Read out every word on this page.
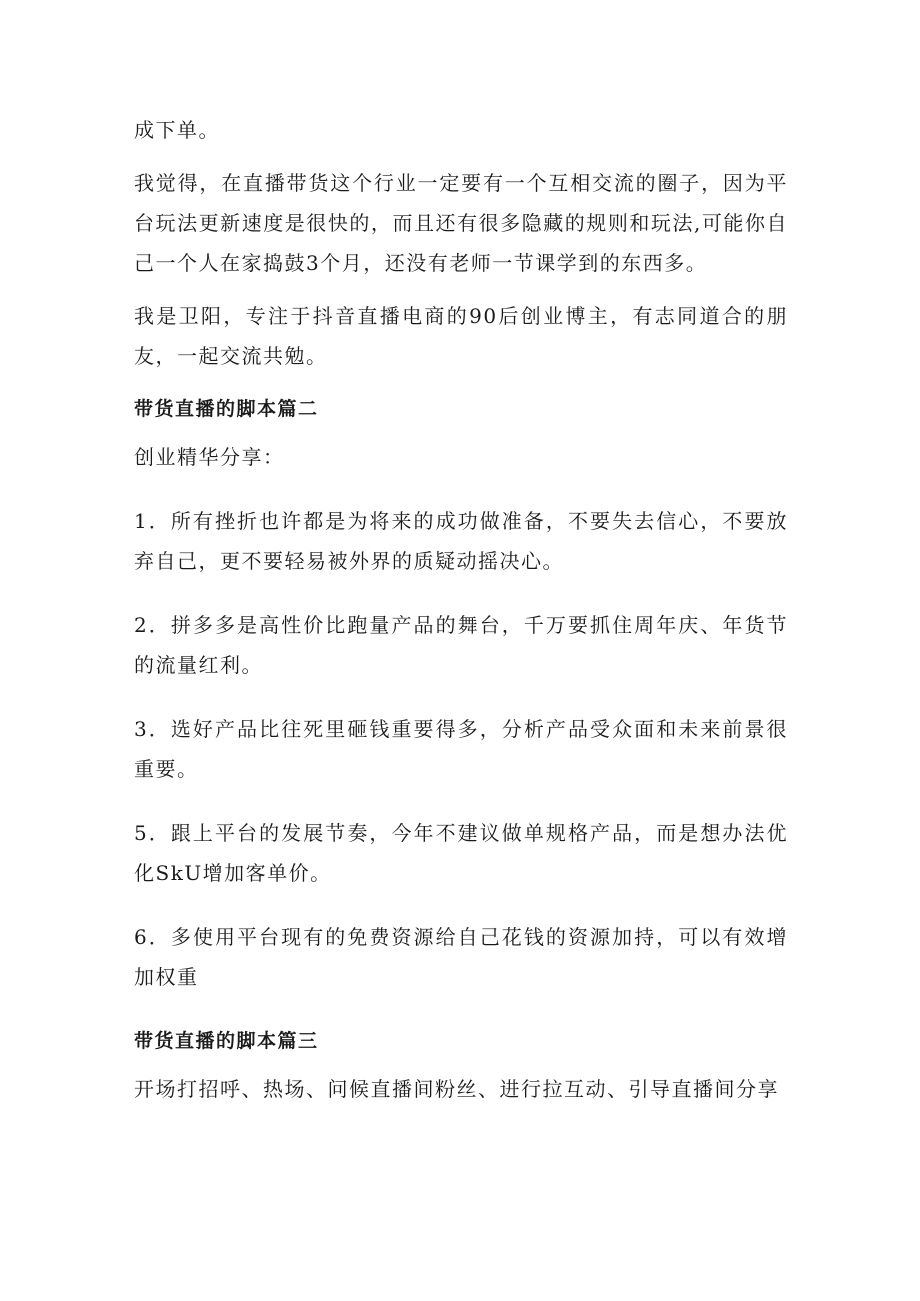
成下单。

我觉得，在直播带货这个行业一定要有一个互相交流的圈子，因为平台玩法更新速度是很快的，而且还有很多隐藏的规则和玩法,可能你自己一个人在家捣鼓3个月，还没有老师一节课学到的东西多。

我是卫阳，专注于抖音直播电商的90后创业博主，有志同道合的朋友，一起交流共勉。

带货直播的脚本篇二

创业精华分享：

1．所有挫折也许都是为将来的成功做准备，不要失去信心，不要放弃自己，更不要轻易被外界的质疑动摇决心。

2．拼多多是高性价比跑量产品的舞台，千万要抓住周年庆、年货节的流量红利。

3．选好产品比往死里砸钱重要得多，分析产品受众面和未来前景很重要。

5．跟上平台的发展节奏，今年不建议做单规格产品，而是想办法优化SkU增加客单价。

6．多使用平台现有的免费资源给自己花钱的资源加持，可以有效增加权重

带货直播的脚本篇三

开场打招呼、热场、问候直播间粉丝、进行拉互动、引导直播间分享
